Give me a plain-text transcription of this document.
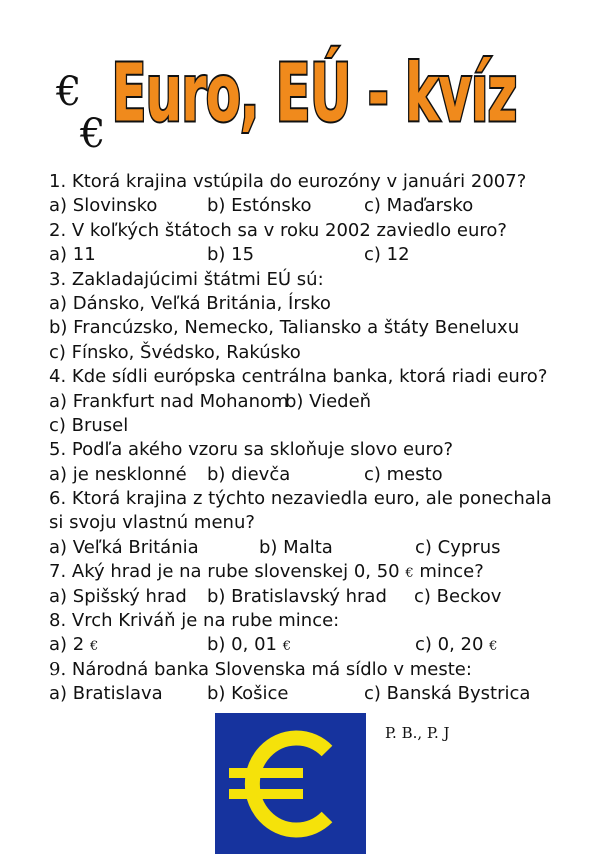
€
€ Euro, EÚ - kvíz
1. Ktorá krajina vstúpila do eurozóny v januári 2007?
a) Slovinsko	b) Estónsko	c) Maďarsko
2. V koľkých štátoch sa v roku 2002 zaviedlo euro?
a) 11	b) 15	c) 12
3. Zakladajúcimi štátmi EÚ sú:
a) Dánsko, Veľká Británia, Írsko
b) Francúzsko, Nemecko, Taliansko a štáty Beneluxu
c) Fínsko, Švédsko, Rakúsko
4. Kde sídli európska centrálna banka, ktorá riadi euro?
a) Frankfurt nad Mohanom
b) Viedeň
c) Brusel
5. Podľa akého vzoru sa skloňuje slovo euro?
a) je nesklonné b) dievča	c) mesto
6. Ktorá krajina z týchto nezaviedla euro, ale ponechala
si svoju vlastnú menu?
a) Veľká Británia	b) Malta	c) Cyprus
7. Aký hrad je na rube slovenskej 0, 50 € mince?
a) Spišský hrad b) Bratislavský hrad c) Beckov
8. Vrch Kriváň je na rube mince:
a) 2 €	b) 0, 01 €	c) 0, 20 €
9. Národná banka Slovenska má sídlo v meste:
a) Bratislava b) Košice	c) Banská Bystrica
P. B., P. J
